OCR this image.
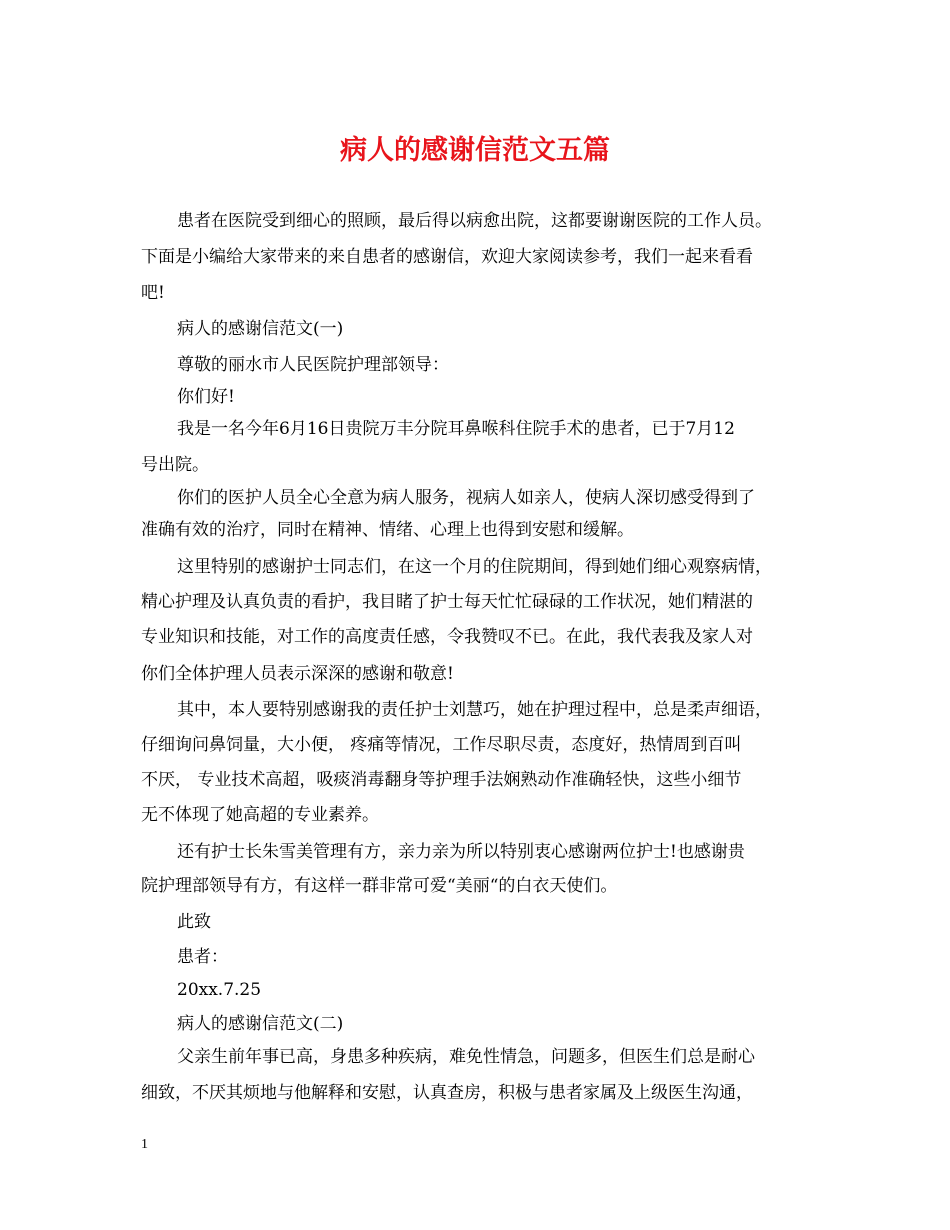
病人的感谢信范文五篇

患者在医院受到细心的照顾，最后得以病愈出院，这都要谢谢医院的工作人员。

下面是小编给大家带来的来自患者的感谢信，欢迎大家阅读参考，我们一起来看看

吧!

病人的感谢信范文(一)

尊敬的丽水市人民医院护理部领导：

你们好!

我是一名今年6月16日贵院万丰分院耳鼻喉科住院手术的患者，已于7月12

号出院。

你们的医护人员全心全意为病人服务，视病人如亲人，使病人深切感受得到了

准确有效的治疗，同时在精神、情绪、心理上也得到安慰和缓解。

这里特别的感谢护士同志们，在这一个月的住院期间，得到她们细心观察病情，

精心护理及认真负责的看护，我目睹了护士每天忙忙碌碌的工作状况，她们精湛的

专业知识和技能，对工作的高度责任感，令我赞叹不已。在此，我代表我及家人对

你们全体护理人员表示深深的感谢和敬意!

其中，本人要特别感谢我的责任护士刘慧巧，她在护理过程中，总是柔声细语，

仔细询问鼻饲量，大小便， 疼痛等情况，工作尽职尽责，态度好，热情周到百叫

不厌， 专业技术高超，吸痰消毒翻身等护理手法娴熟动作准确轻快，这些小细节

无不体现了她高超的专业素养。

还有护士长朱雪美管理有方，亲力亲为所以特别衷心感谢两位护士!也感谢贵

院护理部领导有方，有这样一群非常可爱“美丽“的白衣天使们。

此致

患者：

20xx.7.25

病人的感谢信范文(二)

父亲生前年事已高，身患多种疾病，难免性情急，问题多，但医生们总是耐心

细致，不厌其烦地与他解释和安慰，认真查房，积极与患者家属及上级医生沟通，

1
